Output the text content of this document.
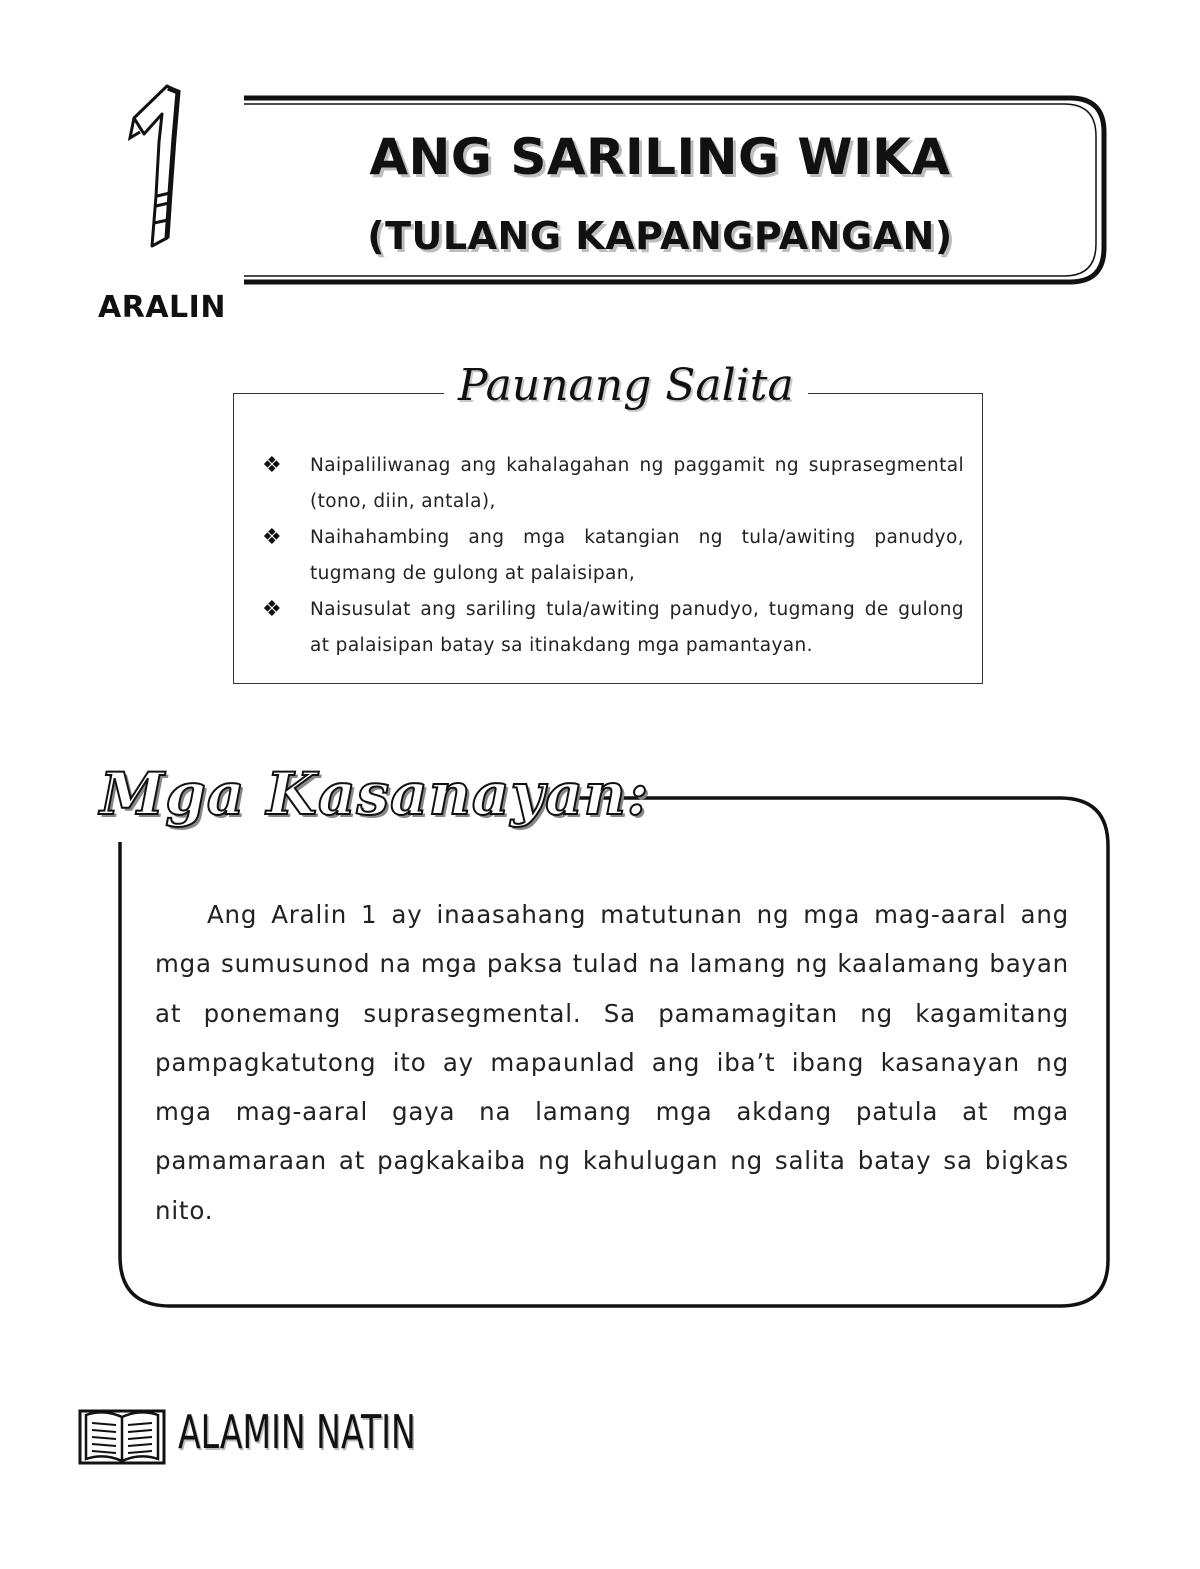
ARALIN
ANG SARILING WIKA
(TULANG KAPANGPANGAN)
Paunang Salita
❖ Naipaliliwanag ang kahalagahan ng paggamit ng suprasegmental (tono, diin, antala),
❖ Naihahambing ang mga katangian ng tula/awiting panudyo, tugmang de gulong at palaisipan,
❖ Naisusulat ang sariling tula/awiting panudyo, tugmang de gulong at palaisipan batay sa itinakdang mga pamantayan.
Mga Kasanayan:

Ang Aralin 1 ay inaasahang matutunan ng mga mag-aaral ang mga sumusunod na mga paksa tulad na lamang ng kaalamang bayan at ponemang suprasegmental. Sa pamamagitan ng kagamitang pampagkatutong ito ay mapaunlad ang iba’t ibang kasanayan ng mga mag-aaral gaya na lamang mga akdang patula at mga pamamaraan at pagkakaiba ng kahulugan ng salita batay sa bigkas nito.

ALAMIN NATIN
